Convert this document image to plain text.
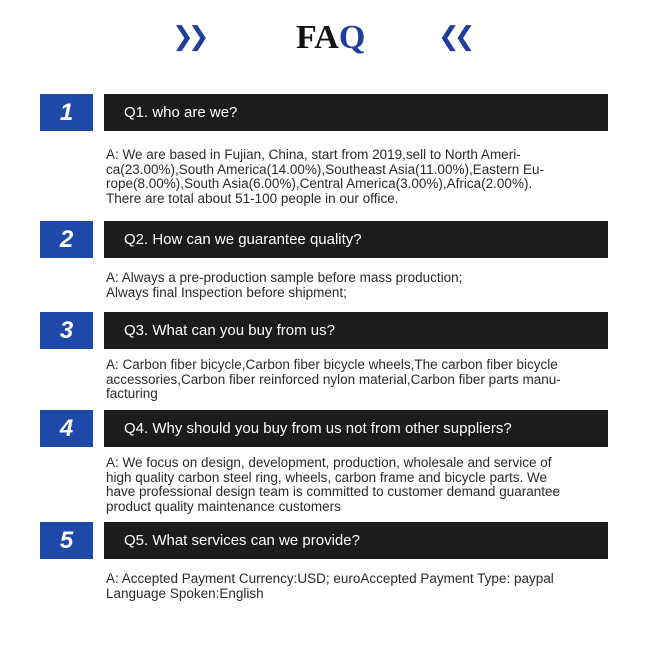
❯❯	FAQ	❮❮
1	Q1. who are we?
A: We are based in Fujian, China, start from 2019,sell to North Ameri-
ca(23.00%),South America(14.00%),Southeast Asia(11.00%),Eastern Eu-
rope(8.00%),South Asia(6.00%),Central America(3.00%),Africa(2.00%).
There are total about 51-100 people in our office.
2	Q2. How can we guarantee quality?
A: Always a pre-production sample before mass production;
Always final Inspection before shipment;
3	Q3. What can you buy from us?
A: Carbon fiber bicycle,Carbon fiber bicycle wheels,The carbon fiber bicycle
accessories,Carbon fiber reinforced nylon material,Carbon fiber parts manu-
facturing
4	Q4. Why should you buy from us not from other suppliers?
A: We focus on design, development, production, wholesale and service of
high quality carbon steel ring, wheels, carbon frame and bicycle parts. We
have professional design team is committed to customer demand guarantee
product quality maintenance customers
5	Q5. What services can we provide?
A: Accepted Payment Currency:USD; euroAccepted Payment Type: paypal
Language Spoken:English
